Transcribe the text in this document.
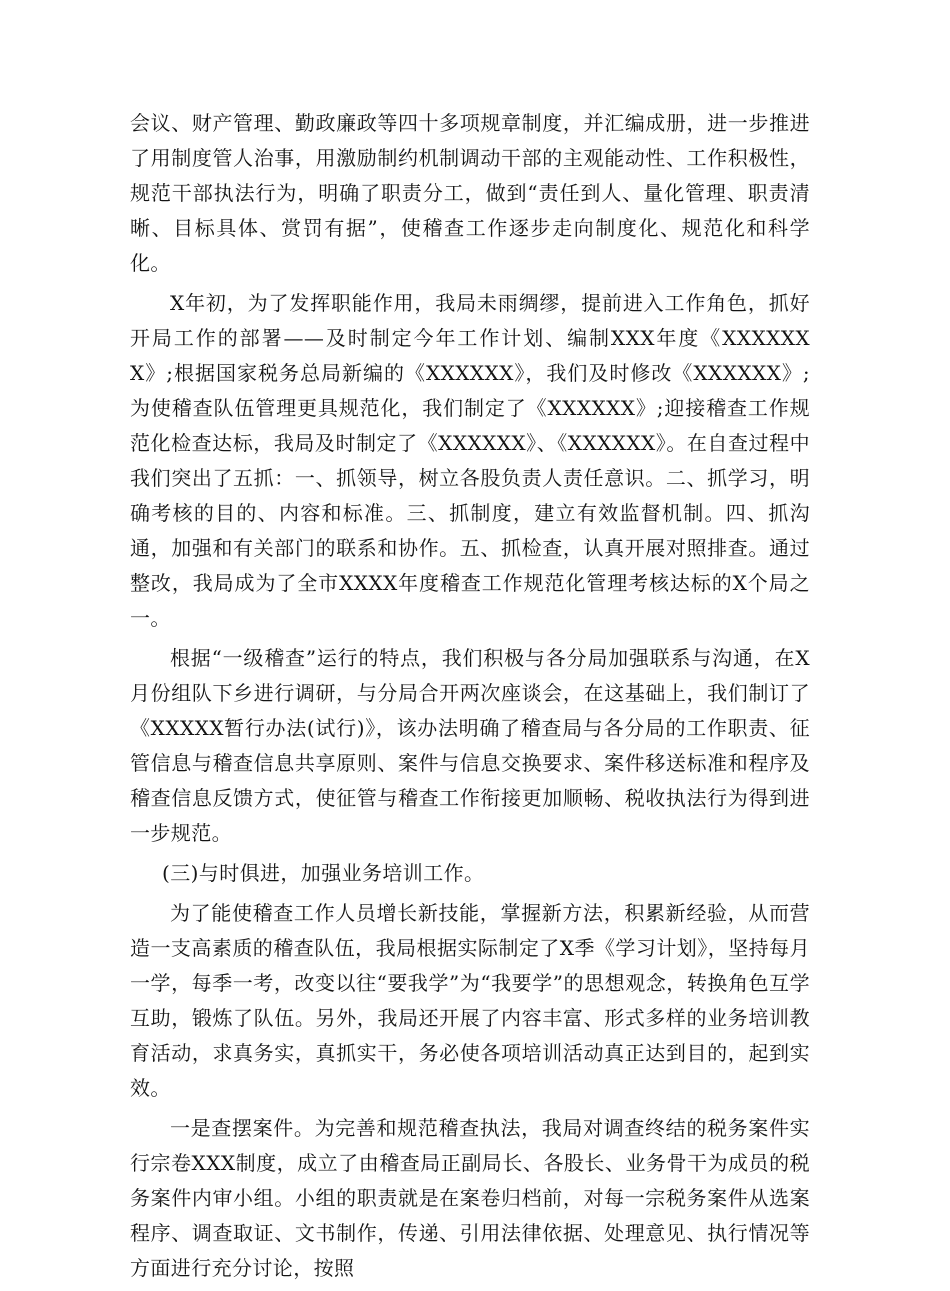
会议、财产管理、勤政廉政等四十多项规章制度，并汇编成册，进一步推进了用制度管人治事，用激励制约机制调动干部的主观能动性、工作积极性，规范干部执法行为，明确了职责分工，做到“责任到人、量化管理、职责清晰、目标具体、赏罚有据”，使稽查工作逐步走向制度化、规范化和科学化。

X年初，为了发挥职能作用，我局未雨绸缪，提前进入工作角色，抓好开局工作的部署——及时制定今年工作计划、编制XXX年度《XXXXXXX》;根据国家税务总局新编的《XXXXXX》，我们及时修改《XXXXXX》;为使稽查队伍管理更具规范化，我们制定了《XXXXXX》;迎接稽查工作规范化检查达标，我局及时制定了《XXXXXX》、《XXXXXX》。在自查过程中我们突出了五抓：一、抓领导，树立各股负责人责任意识。二、抓学习，明确考核的目的、内容和标准。三、抓制度，建立有效监督机制。四、抓沟通，加强和有关部门的联系和协作。五、抓检查，认真开展对照排查。通过整改，我局成为了全市XXXX年度稽查工作规范化管理考核达标的X个局之一。

根据“一级稽查”运行的特点，我们积极与各分局加强联系与沟通，在X月份组队下乡进行调研，与分局合开两次座谈会，在这基础上，我们制订了《XXXXX暂行办法(试行)》，该办法明确了稽查局与各分局的工作职责、征管信息与稽查信息共享原则、案件与信息交换要求、案件移送标准和程序及稽查信息反馈方式，使征管与稽查工作衔接更加顺畅、税收执法行为得到进一步规范。

(三)与时俱进，加强业务培训工作。

为了能使稽查工作人员增长新技能，掌握新方法，积累新经验，从而营造一支高素质的稽查队伍，我局根据实际制定了X季《学习计划》，坚持每月一学，每季一考，改变以往“要我学”为“我要学”的思想观念，转换角色互学互助，锻炼了队伍。另外，我局还开展了内容丰富、形式多样的业务培训教育活动，求真务实，真抓实干，务必使各项培训活动真正达到目的，起到实效。

一是查摆案件。为完善和规范稽查执法，我局对调查终结的税务案件实行宗卷XXX制度，成立了由稽查局正副局长、各股长、业务骨干为成员的税务案件内审小组。小组的职责就是在案卷归档前，对每一宗税务案件从选案程序、调查取证、文书制作，传递、引用法律依据、处理意见、执行情况等方面进行充分讨论，按照
